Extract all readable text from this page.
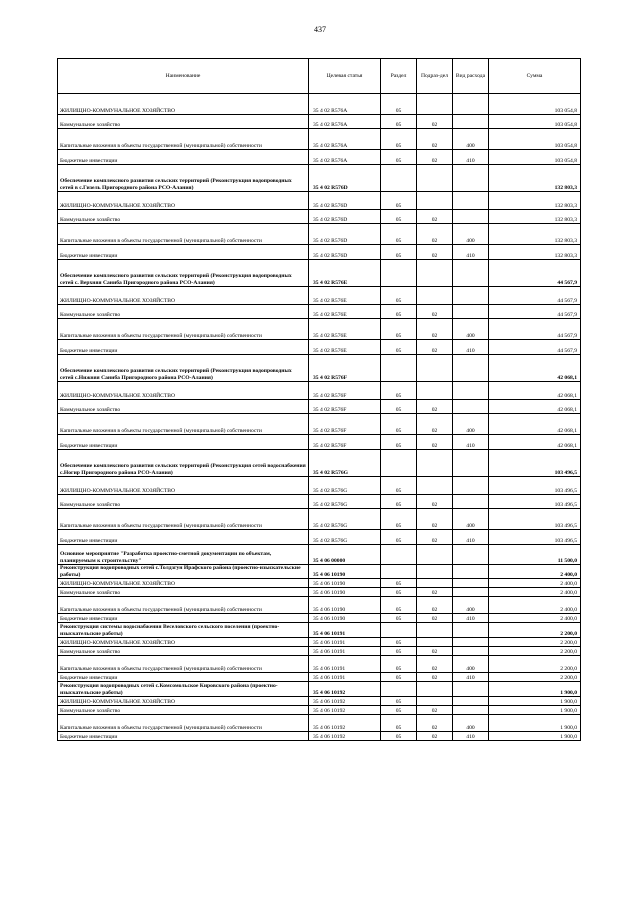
437
Наименование	Целевая статья	Раздел	Подраз-дел	Вид расхода	Сумма
ЖИЛИЩНО-КОММУНАЛЬНОЕ ХОЗЯЙСТВО	35 4 02 R576A	05			103 054,8
Коммунальное хозяйство	35 4 02 R576A	05	02		103 054,8
Капитальные вложения в объекты государственной (муниципальной) собственности	35 4 02 R576A	05	02	400	103 054,8
Бюджетные инвестиции	35 4 02 R576A	05	02	410	103 054,8
Обеспечение комплексного развития сельских территорий (Реконструкция водопроводных сетей в с.Гизель Пригородного района РСО-Алания)	35 4 02 R576D				132 803,3
ЖИЛИЩНО-КОММУНАЛЬНОЕ ХОЗЯЙСТВО	35 4 02 R576D	05			132 803,3
Коммунальное хозяйство	35 4 02 R576D	05	02		132 803,3
Капитальные вложения в объекты государственной (муниципальной) собственности	35 4 02 R576D	05	02	400	132 803,3
Бюджетные инвестиции	35 4 02 R576D	05	02	410	132 803,3
Обеспечение комплексного развития сельских территорий (Реконструкция водопроводных сетей с. Верхняя Саниба Пригородного района РСО-Алания)	35 4 02 R576E				44 567,9
ЖИЛИЩНО-КОММУНАЛЬНОЕ ХОЗЯЙСТВО	35 4 02 R576E	05			44 567,9
Коммунальное хозяйство	35 4 02 R576E	05	02		44 567,9
Капитальные вложения в объекты государственной (муниципальной) собственности	35 4 02 R576E	05	02	400	44 567,9
Бюджетные инвестиции	35 4 02 R576E	05	02	410	44 567,9
Обеспечение комплексного развития сельских территорий (Реконструкция водопроводных сетей с.Нижняя Саниба Пригородного района РСО-Алания)	35 4 02 R576F				42 068,1
ЖИЛИЩНО-КОММУНАЛЬНОЕ ХОЗЯЙСТВО	35 4 02 R576F	05			42 068,1
Коммунальное хозяйство	35 4 02 R576F	05	02		42 068,1
Капитальные вложения в объекты государственной (муниципальной) собственности	35 4 02 R576F	05	02	400	42 068,1
Бюджетные инвестиции	35 4 02 R576F	05	02	410	42 068,1
Обеспечение комплексного развития сельских территорий (Реконструкция сетей водоснабжения с.Ногир Пригородного района РСО-Алания)	35 4 02 R576G				103 496,5
ЖИЛИЩНО-КОММУНАЛЬНОЕ ХОЗЯЙСТВО	35 4 02 R576G	05			103 496,5
Коммунальное хозяйство	35 4 02 R576G	05	02		103 496,5
Капитальные вложения в объекты государственной (муниципальной) собственности	35 4 02 R576G	05	02	400	103 496,5
Бюджетные инвестиции	35 4 02 R576G	05	02	410	103 496,5
Основное мероприятие "Разработка проектно-сметной документации по объектам, планируемым к строительству"	35 4 06 00000				11 500,0
Реконструкция водопроводных сетей с.Толдзгун Ирафского района (проектно-изыскательские работы)	35 4 06 10190				2 400,0
ЖИЛИЩНО-КОММУНАЛЬНОЕ ХОЗЯЙСТВО	35 4 06 10190	05			2 400,0
Коммунальное хозяйство	35 4 06 10190	05	02		2 400,0
Капитальные вложения в объекты государственной (муниципальной) собственности	35 4 06 10190	05	02	400	2 400,0
Бюджетные инвестиции	35 4 06 10190	05	02	410	2 400,0
Реконструкция системы водоснабжения Веселовского сельского поселения (проектно-изыскательские работы)	35 4 06 10191				2 200,0
ЖИЛИЩНО-КОММУНАЛЬНОЕ ХОЗЯЙСТВО	35 4 06 10191	05			2 200,0
Коммунальное хозяйство	35 4 06 10191	05	02		2 200,0
Капитальные вложения в объекты государственной (муниципальной) собственности	35 4 06 10191	05	02	400	2 200,0
Бюджетные инвестиции	35 4 06 10191	05	02	410	2 200,0
Реконструкция водопроводных сетей с.Комсомольское Кировского района (проектно-изыскательские работы)	35 4 06 10192				1 900,0
ЖИЛИЩНО-КОММУНАЛЬНОЕ ХОЗЯЙСТВО	35 4 06 10192	05			1 900,0
Коммунальное хозяйство	35 4 06 10192	05	02		1 900,0
Капитальные вложения в объекты государственной (муниципальной) собственности	35 4 06 10192	05	02	400	1 900,0
Бюджетные инвестиции	35 4 06 10192	05	02	410	1 900,0
